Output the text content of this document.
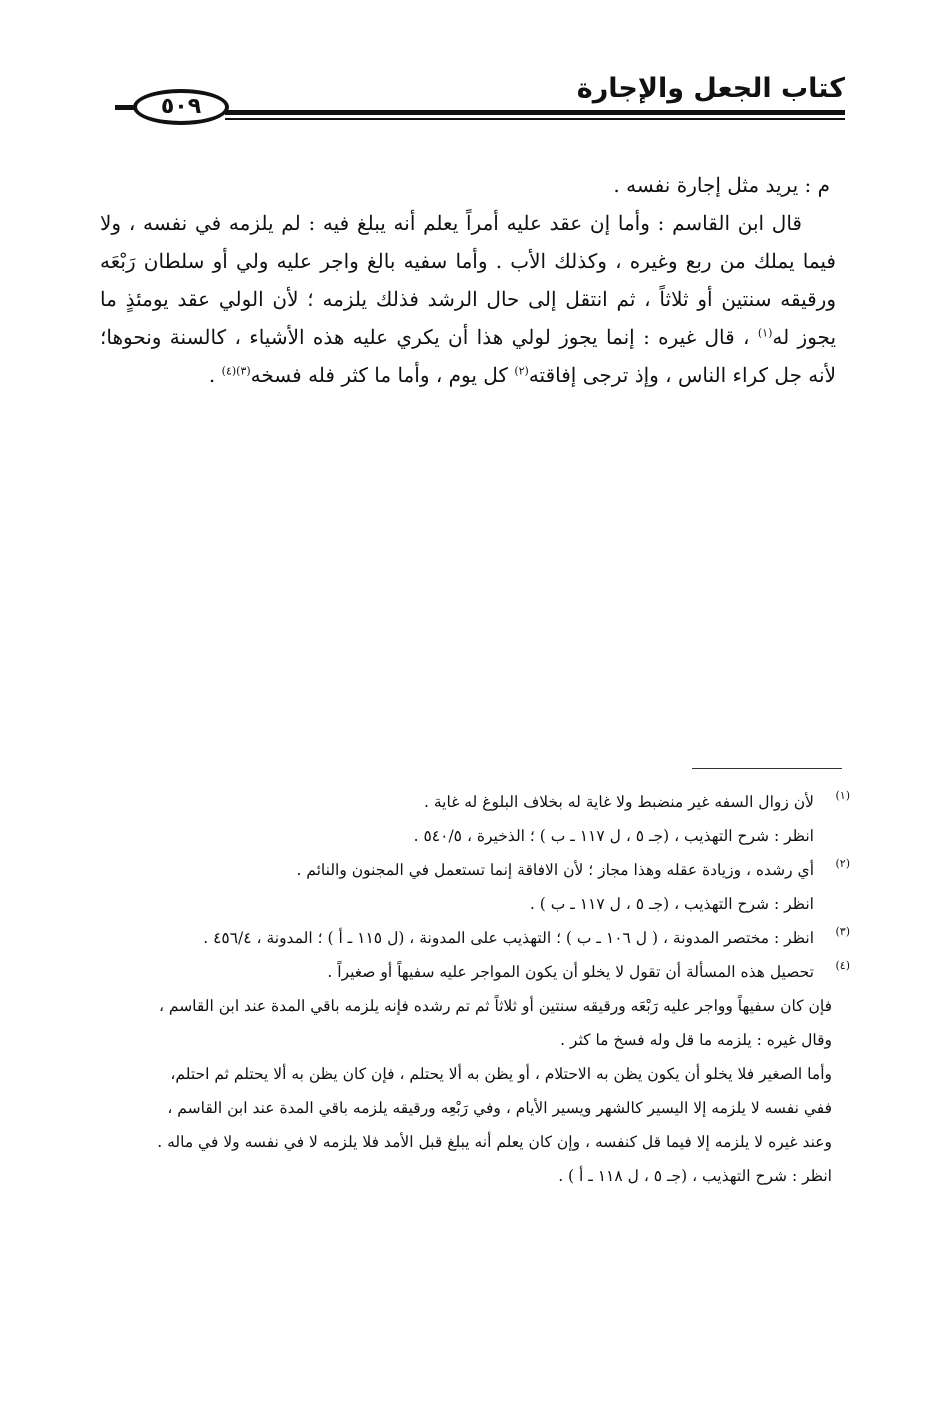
كتاب الجعل والإجارة
٥٠٩

م : يريد مثل إجارة نفسه .

قال ابن القاسم : وأما إن عقد عليه أمراً يعلم أنه يبلغ فيه : لم يلزمه في نفسه ، ولا فيما يملك من ربع وغيره ، وكذلك الأب . وأما سفيه بالغ واجر عليه ولي أو سلطان رَبْعَه ورقيقه سنتين أو ثلاثاً ، ثم انتقل إلى حال الرشد فذلك يلزمه ؛ لأن الولي عقد يومئذٍ ما يجوز له$^{(١)}$ ، قال غيره : إنما يجوز لولي هذا أن يكري عليه هذه الأشياء ، كالسنة ونحوها؛ لأنه جل كراء الناس ، وإذ ترجى إفاقته$^{(٢)}$ كل يوم ، وأما ما كثر فله فسخه$^{(٣)(٤)}$ .

(١)

لأن زوال السفه غير منضبط ولا غاية له بخلاف البلوغ له غاية .

انظر : شرح التهذيب ، (جـ ٥ ، ل ١١٧ ـ ب ) ؛ الذخيرة ، ٥٤٠/٥ .

(٢)

أي رشده ، وزيادة عقله وهذا مجاز ؛ لأن الافاقة إنما تستعمل في المجنون والنائم .

انظر : شرح التهذيب ، (جـ ٥ ، ل ١١٧ ـ ب ) .

(٣)

انظر : مختصر المدونة ، ( ل ١٠٦ ـ ب ) ؛ التهذيب على المدونة ، (ل ١١٥ ـ أ ) ؛ المدونة ، ٤٥٦/٤ .

(٤)

تحصيل هذه المسألة أن تقول لا يخلو أن يكون المواجر عليه سفيهاً أو صغيراً .

فإن كان سفيهاً وواجر عليه رَبْعَه ورقيقه سنتين أو ثلاثاً ثم تم رشده فإنه يلزمه باقي المدة عند ابن القاسم ،

وقال غيره : يلزمه ما قل وله فسخ ما كثر .

وأما الصغير فلا يخلو أن يكون يظن به الاحتلام ، أو يظن به ألا يحتلم ، فإن كان يظن به ألا يحتلم ثم احتلم،

ففي نفسه لا يلزمه إلا اليسير كالشهر ويسير الأيام ، وفي رَبْعِه ورقيقه يلزمه باقي المدة عند ابن القاسم ،

وعند غيره لا يلزمه إلا فيما قل كنفسه ، وإن كان يعلم أنه يبلغ قبل الأمد فلا يلزمه لا في نفسه ولا في ماله .

انظر : شرح التهذيب ، (جـ ٥ ، ل ١١٨ ـ أ ) .
